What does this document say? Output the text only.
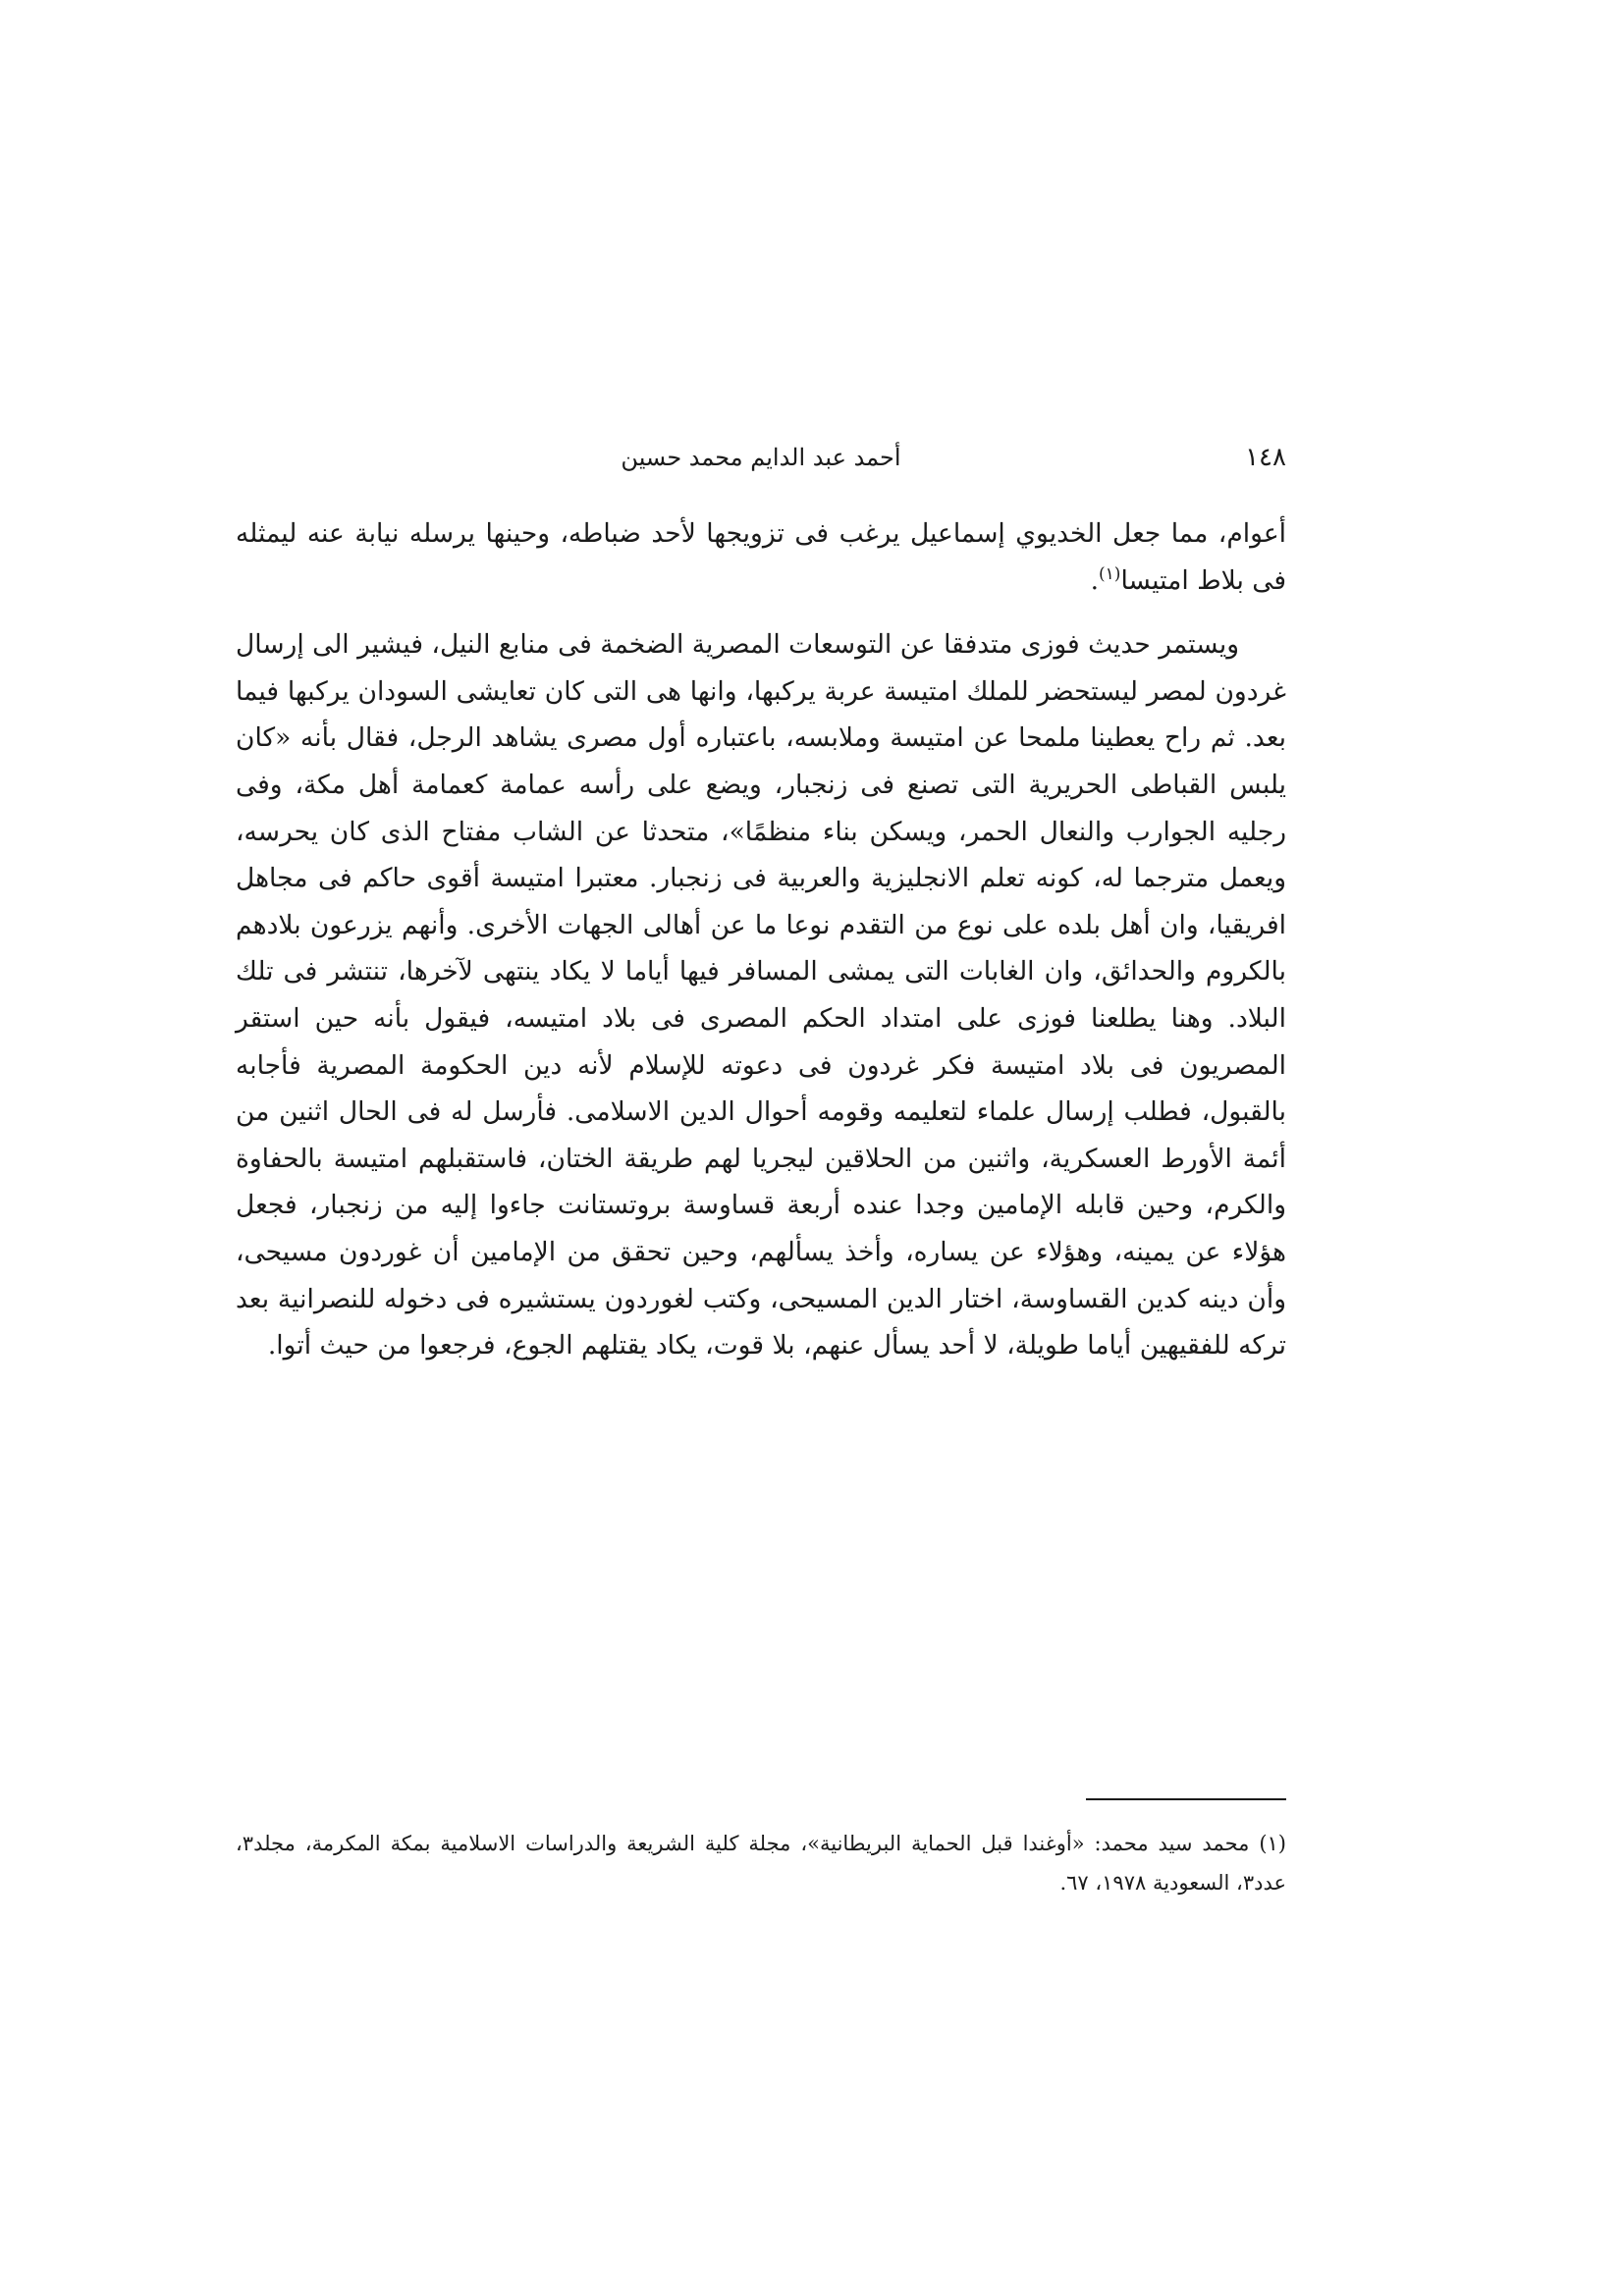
١٤٨
أحمد عبد الدايم محمد حسين

أعوام، مما جعل الخديوي إسماعيل يرغب فى تزويجها لأحد ضباطه، وحينها يرسله نيابة عنه ليمثله فى بلاط امتيسا$^{(١)}$.

ويستمر حديث فوزى متدفقا عن التوسعات المصرية الضخمة فى منابع النيل، فيشير الى إرسال غردون لمصر ليستحضر للملك امتيسة عربة يركبها، وانها هى التى كان تعايشى السودان يركبها فيما بعد. ثم راح يعطينا ملمحا عن امتيسة وملابسه، باعتباره أول مصرى يشاهد الرجل، فقال بأنه «كان يلبس القباطى الحريرية التى تصنع فى زنجبار، ويضع على رأسه عمامة كعمامة أهل مكة، وفى رجليه الجوارب والنعال الحمر، ويسكن بناء منظمًا»، متحدثا عن الشاب مفتاح الذى كان يحرسه، ويعمل مترجما له، كونه تعلم الانجليزية والعربية فى زنجبار. معتبرا امتيسة أقوى حاكم فى مجاهل افريقيا، وان أهل بلده على نوع من التقدم نوعا ما عن أهالى الجهات الأخرى. وأنهم يزرعون بلادهم بالكروم والحدائق، وان الغابات التى يمشى المسافر فيها أياما لا يكاد ينتهى لآخرها، تنتشر فى تلك البلاد. وهنا يطلعنا فوزى على امتداد الحكم المصرى فى بلاد امتيسه، فيقول بأنه حين استقر المصريون فى بلاد امتيسة فكر غردون فى دعوته للإسلام لأنه دين الحكومة المصرية فأجابه بالقبول، فطلب إرسال علماء لتعليمه وقومه أحوال الدين الاسلامى. فأرسل له فى الحال اثنين من أئمة الأورط العسكرية، واثنين من الحلاقين ليجريا لهم طريقة الختان، فاستقبلهم امتيسة بالحفاوة والكرم، وحين قابله الإمامين وجدا عنده أربعة قساوسة بروتستانت جاءوا إليه من زنجبار، فجعل هؤلاء عن يمينه، وهؤلاء عن يساره، وأخذ يسألهم، وحين تحقق من الإمامين أن غوردون مسيحى، وأن دينه كدين القساوسة، اختار الدين المسيحى، وكتب لغوردون يستشيره فى دخوله للنصرانية بعد تركه للفقيهين أياما طويلة، لا أحد يسأل عنهم، بلا قوت، يكاد يقتلهم الجوع، فرجعوا من حيث أتوا.

(١) محمد سيد محمد: «أوغندا قبل الحماية البريطانية»، مجلة كلية الشريعة والدراسات الاسلامية بمكة المكرمة، مجلد٣، عدد٣، السعودية ١٩٧٨، ٦٧.
